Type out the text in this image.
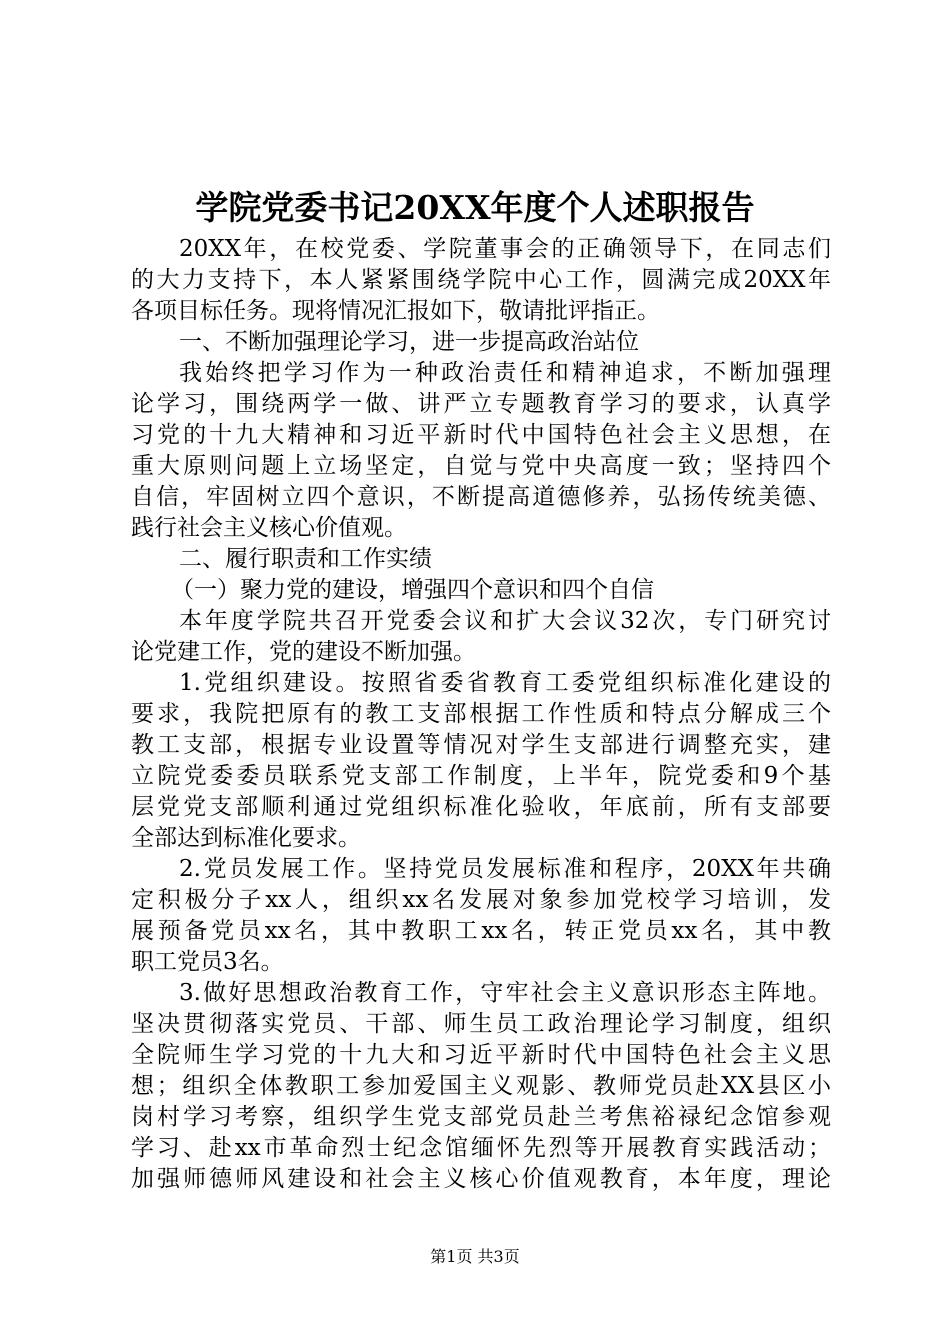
学院党委书记20XX年度个人述职报告
20XX年，在校党委、学院董事会的正确领导下，在同志们
的大力支持下，本人紧紧围绕学院中心工作，圆满完成20XX年
各项目标任务。现将情况汇报如下，敬请批评指正。
一、不断加强理论学习，进一步提高政治站位
我始终把学习作为一种政治责任和精神追求，不断加强理
论学习，围绕两学一做、讲严立专题教育学习的要求，认真学
习党的十九大精神和习近平新时代中国特色社会主义思想，在
重大原则问题上立场坚定，自觉与党中央高度一致；坚持四个
自信，牢固树立四个意识，不断提高道德修养，弘扬传统美德、
践行社会主义核心价值观。
二、履行职责和工作实绩
（一）聚力党的建设，增强四个意识和四个自信
本年度学院共召开党委会议和扩大会议32次，专门研究讨
论党建工作，党的建设不断加强。
1.党组织建设。按照省委省教育工委党组织标准化建设的
要求，我院把原有的教工支部根据工作性质和特点分解成三个
教工支部，根据专业设置等情况对学生支部进行调整充实，建
立院党委委员联系党支部工作制度，上半年，院党委和9个基
层党党支部顺利通过党组织标准化验收，年底前，所有支部要
全部达到标准化要求。
2.党员发展工作。坚持党员发展标准和程序，20XX年共确
定积极分子xx人，组织xx名发展对象参加党校学习培训，发
展预备党员xx名，其中教职工xx名，转正党员xx名，其中教
职工党员3名。
3.做好思想政治教育工作，守牢社会主义意识形态主阵地。
坚决贯彻落实党员、干部、师生员工政治理论学习制度，组织
全院师生学习党的十九大和习近平新时代中国特色社会主义思
想；组织全体教职工参加爱国主义观影、教师党员赴XX县区小
岗村学习考察，组织学生党支部党员赴兰考焦裕禄纪念馆参观
学习、赴xx市革命烈士纪念馆缅怀先烈等开展教育实践活动；
加强师德师风建设和社会主义核心价值观教育，本年度，理论
第1页 共3页
